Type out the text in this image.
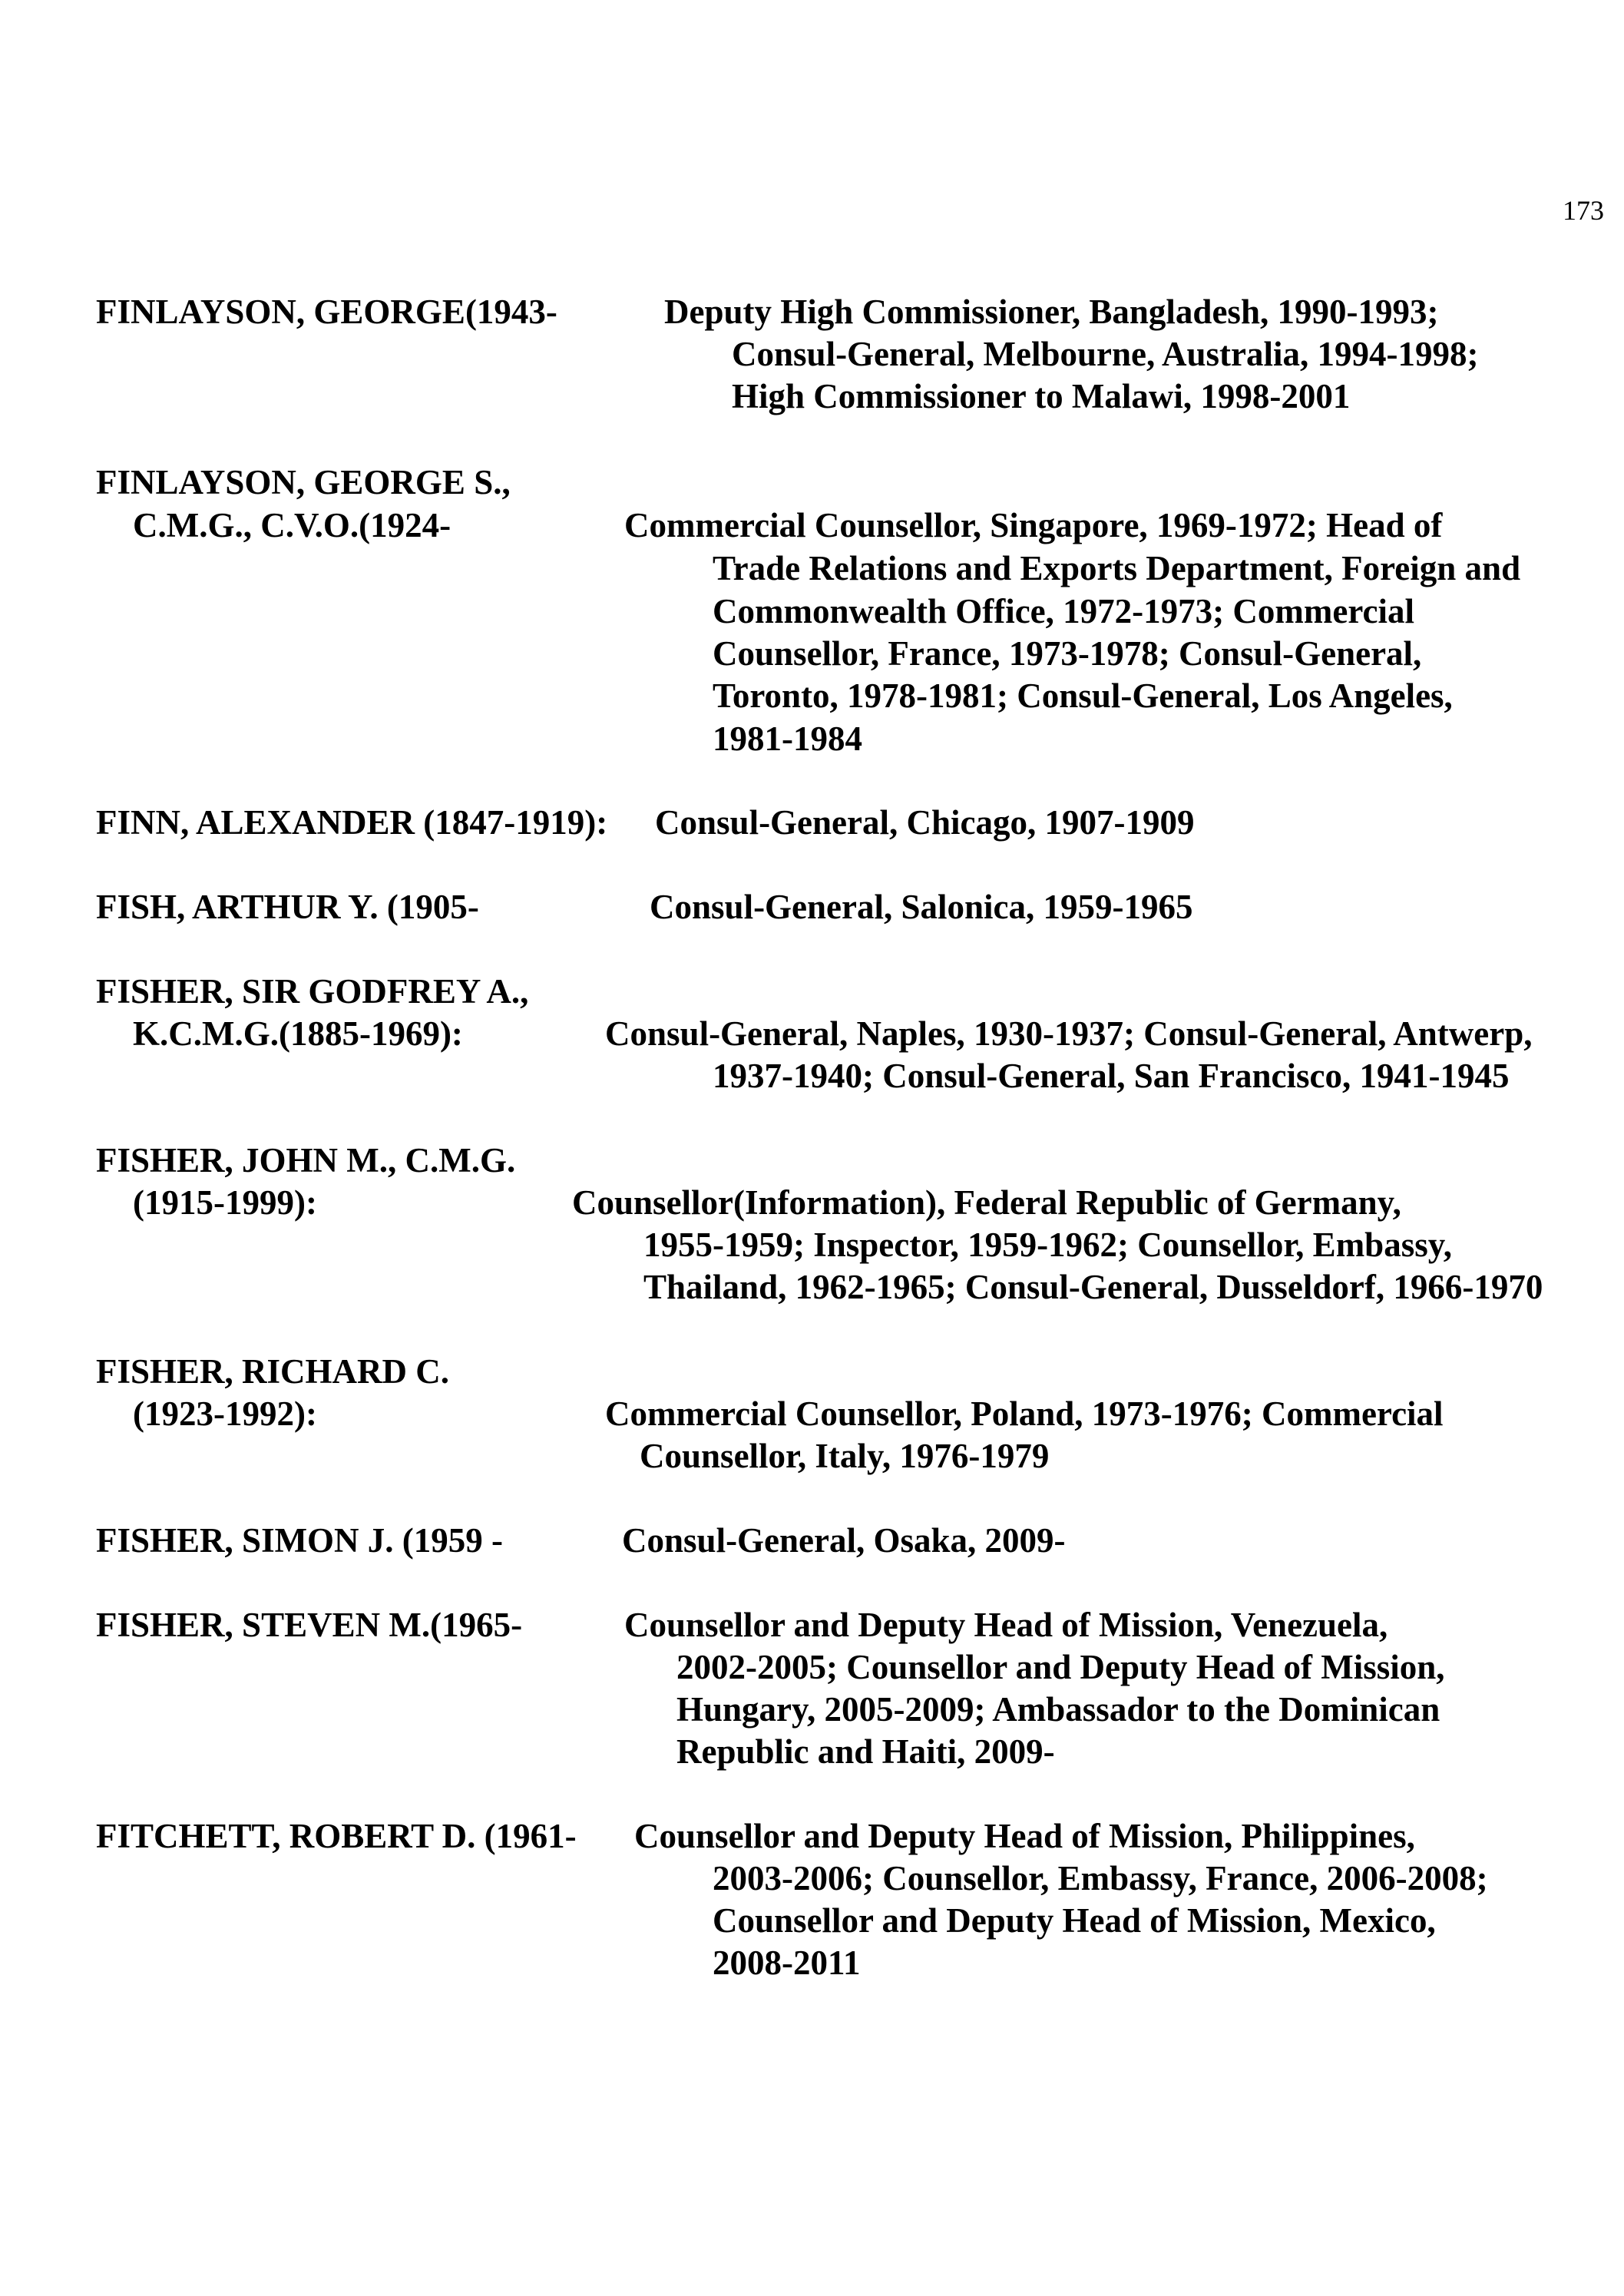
173
FINLAYSON, GEORGE(1943-	Deputy High Commissioner, Bangladesh, 1990-1993;
Consul-General, Melbourne, Australia, 1994-1998;
High Commissioner to Malawi, 1998-2001
FINLAYSON, GEORGE S.,
C.M.G., C.V.O.(1924-	Commercial Counsellor, Singapore, 1969-1972; Head of
Trade Relations and Exports Department, Foreign and
Commonwealth Office, 1972-1973; Commercial
Counsellor, France, 1973-1978; Consul-General,
Toronto, 1978-1981; Consul-General, Los Angeles,
1981-1984
FINN, ALEXANDER (1847-1919): Consul-General, Chicago, 1907-1909
FISH, ARTHUR Y. (1905-	Consul-General, Salonica, 1959-1965
FISHER, SIR GODFREY A.,
K.C.M.G.(1885-1969):	Consul-General, Naples, 1930-1937; Consul-General, Antwerp,
1937-1940; Consul-General, San Francisco, 1941-1945
FISHER, JOHN M., C.M.G.
(1915-1999):	Counsellor(Information), Federal Republic of Germany,
1955-1959; Inspector, 1959-1962; Counsellor, Embassy,
Thailand, 1962-1965; Consul-General, Dusseldorf, 1966-1970
FISHER, RICHARD C.
(1923-1992):	Commercial Counsellor, Poland, 1973-1976; Commercial
Counsellor, Italy, 1976-1979
FISHER, SIMON J. (1959 -	Consul-General, Osaka, 2009-
FISHER, STEVEN M.(1965-	Counsellor and Deputy Head of Mission, Venezuela,
2002-2005; Counsellor and Deputy Head of Mission,
Hungary, 2005-2009; Ambassador to the Dominican
Republic and Haiti, 2009-
FITCHETT, ROBERT D. (1961- Counsellor and Deputy Head of Mission, Philippines,
2003-2006; Counsellor, Embassy, France, 2006-2008;
Counsellor and Deputy Head of Mission, Mexico,
2008-2011
